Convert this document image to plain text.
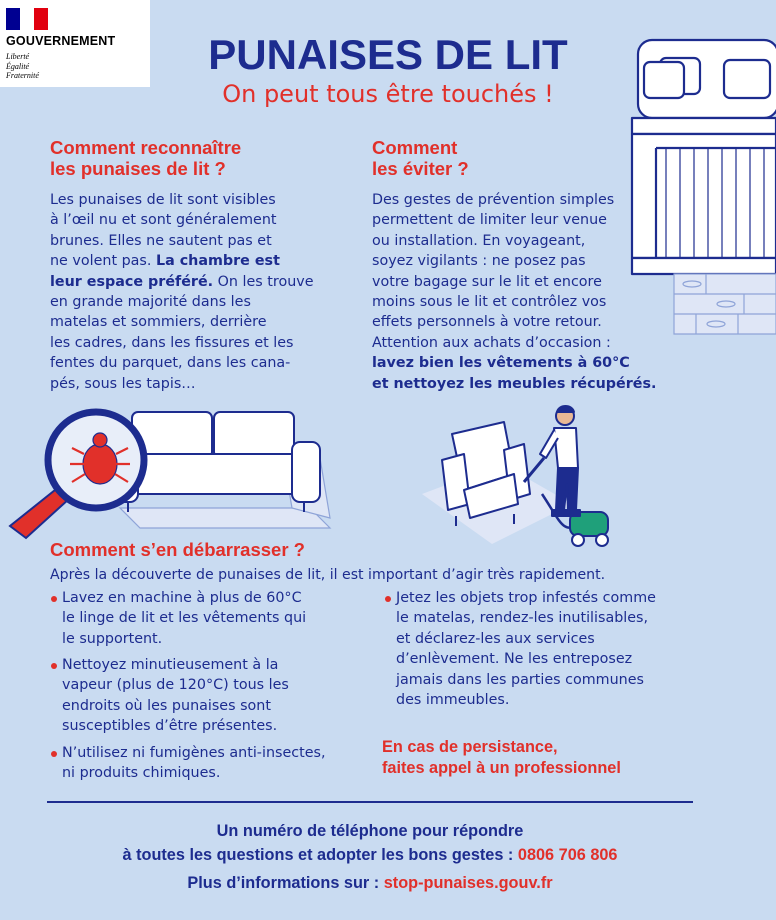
GOUVERNEMENT
Liberté
Égalité
Fraternité	PUNAISES DE LIT
On peut tous être touchés !
Comment reconnaître
les punaises de lit ?
Les punaises de lit sont visibles
à l’œil nu et sont généralement
brunes. Elles ne sautent pas et
ne volent pas. La chambre est
leur espace préféré. On les trouve
en grande majorité dans les
matelas et sommiers, derrière
les cadres, dans les fissures et les
fentes du parquet, dans les cana-
pés, sous les tapis…
Comment
les éviter ?
Des gestes de prévention simples
permettent de limiter leur venue
ou installation. En voyageant,
soyez vigilants : ne posez pas
votre bagage sur le lit et encore
moins sous le lit et contrôlez vos
effets personnels à votre retour.
Attention aux achats d’occasion :
lavez bien les vêtements à 60°C
et nettoyez les meubles récupérés.
Comment s’en débarrasser ?
Après la découverte de punaises de lit, il est important d’agir très rapidement.
Lavez en machine à plus de 60°C
le linge de lit et les vêtements qui
le supportent.
Nettoyez minutieusement à la
vapeur (plus de 120°C) tous les
endroits où les punaises sont
susceptibles d’être présentes.
N’utilisez ni fumigènes anti-insectes,
ni produits chimiques.
Jetez les objets trop infestés comme
le matelas, rendez-les inutilisables,
et déclarez-les aux services
d’enlèvement. Ne les entreposez
jamais dans les parties communes
des immeubles.
En cas de persistance,
faites appel à un professionnel
Un numéro de téléphone pour répondre
à toutes les questions et adopter les bons gestes : 0806 706 806
Plus d’informations sur : stop-punaises.gouv.fr
